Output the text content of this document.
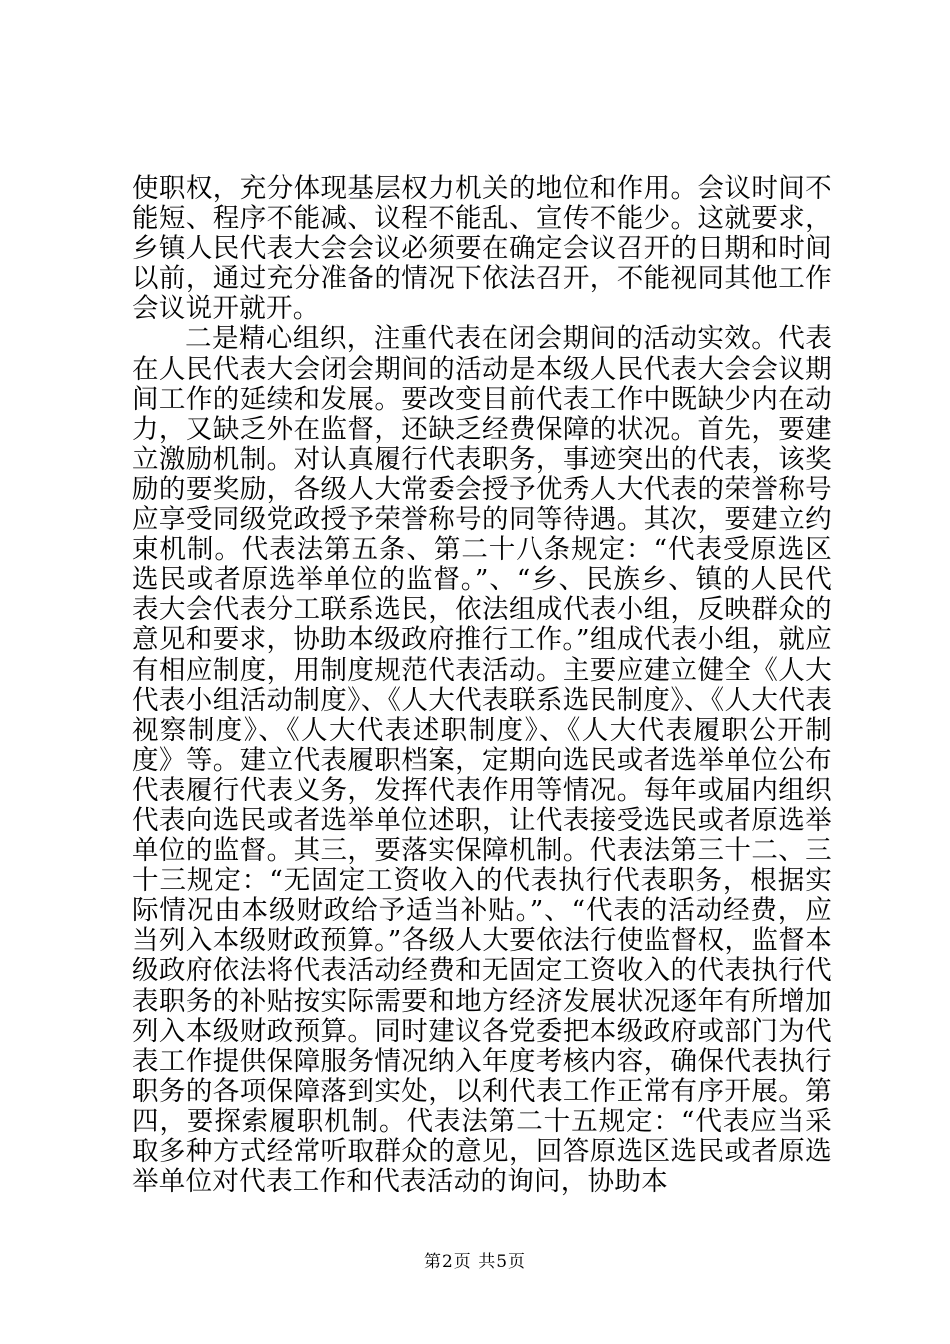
使职权，充分体现基层权力机关的地位和作用。会议时间不能短、程序不能减、议程不能乱、宣传不能少。这就要求，乡镇人民代表大会会议必须要在确定会议召开的日期和时间以前，通过充分准备的情况下依法召开，不能视同其他工作会议说开就开。

二是精心组织，注重代表在闭会期间的活动实效。代表在人民代表大会闭会期间的活动是本级人民代表大会会议期间工作的延续和发展。要改变目前代表工作中既缺少内在动力，又缺乏外在监督，还缺乏经费保障的状况。首先，要建立激励机制。对认真履行代表职务，事迹突出的代表，该奖励的要奖励，各级人大常委会授予优秀人大代表的荣誉称号应享受同级党政授予荣誉称号的同等待遇。其次，要建立约束机制。代表法第五条、第二十八条规定：“代表受原选区选民或者原选举单位的监督。”、“乡、民族乡、镇的人民代表大会代表分工联系选民，依法组成代表小组，反映群众的意见和要求，协助本级政府推行工作。”组成代表小组，就应有相应制度，用制度规范代表活动。主要应建立健全《人大代表小组活动制度》、《人大代表联系选民制度》、《人大代表视察制度》、《人大代表述职制度》、《人大代表履职公开制度》等。建立代表履职档案，定期向选民或者选举单位公布代表履行代表义务，发挥代表作用等情况。每年或届内组织代表向选民或者选举单位述职，让代表接受选民或者原选举单位的监督。其三，要落实保障机制。代表法第三十二、三十三规定：“无固定工资收入的代表执行代表职务，根据实际情况由本级财政给予适当补贴。”、“代表的活动经费，应当列入本级财政预算。”各级人大要依法行使监督权，监督本级政府依法将代表活动经费和无固定工资收入的代表执行代表职务的补贴按实际需要和地方经济发展状况逐年有所增加列入本级财政预算。同时建议各党委把本级政府或部门为代表工作提供保障服务情况纳入年度考核内容，确保代表执行职务的各项保障落到实处，以利代表工作正常有序开展。第四，要探索履职机制。代表法第二十五规定：“代表应当采取多种方式经常听取群众的意见，回答原选区选民或者原选举单位对代表工作和代表活动的询问，协助本

第2页 共5页
